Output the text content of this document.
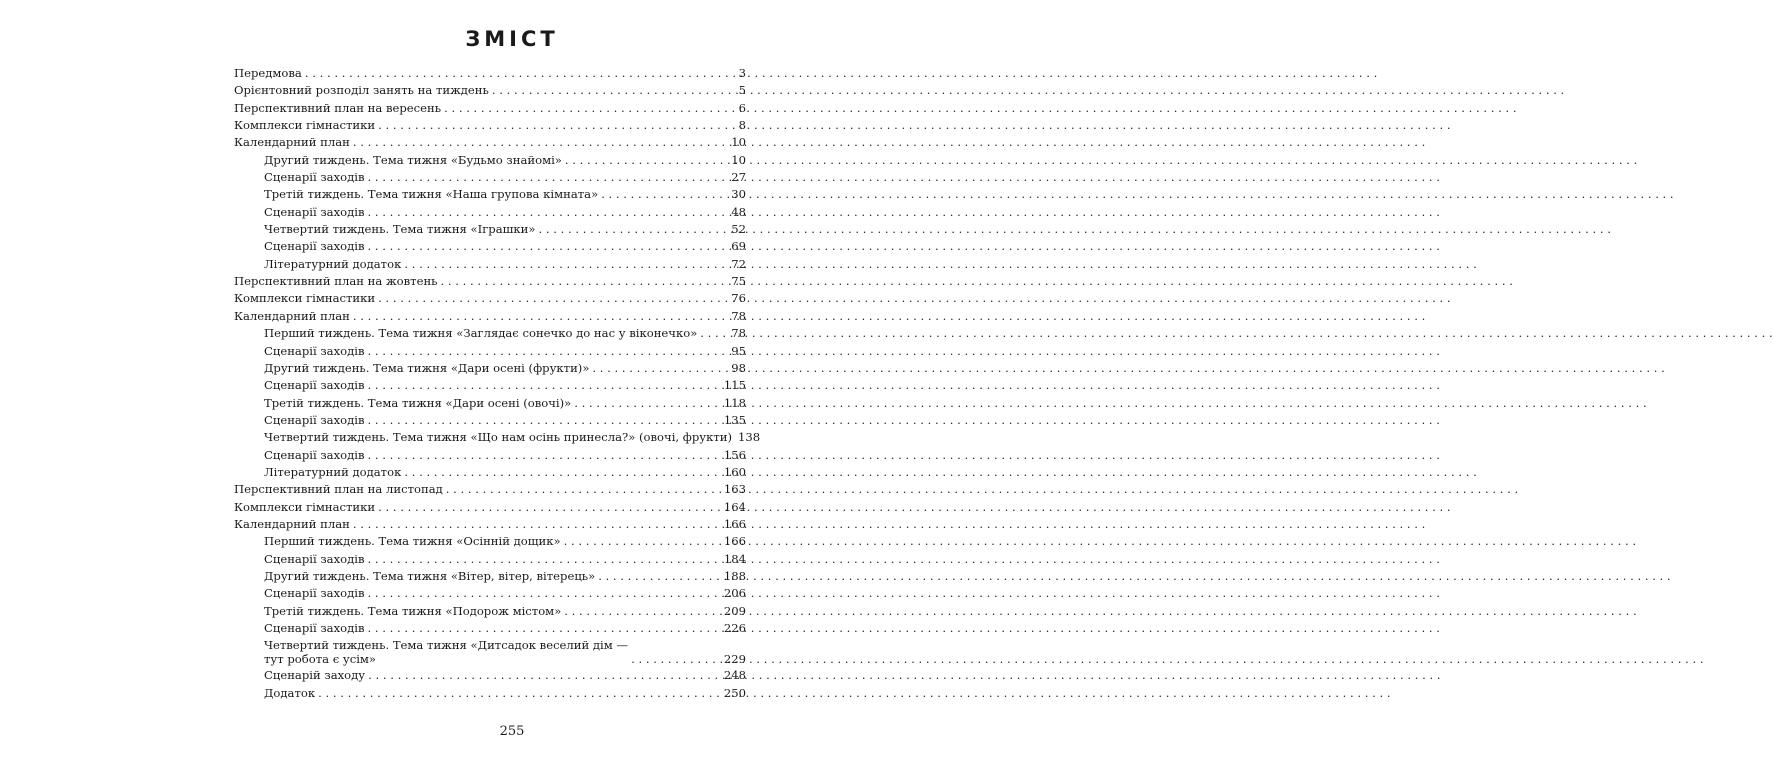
ЗМІСТ
Передмова . . .	3
Орієнтовний розподіл занять на тиждень . . .	5
Перспективний план на вересень . . .	6
Комплекси гімнастики . . .	8
Календарний план . . .	10
Другий тиждень. Тема тижня «Будьмо знайомі» . . .	10
Сценарії заходів . . .	27
Третій тиждень. Тема тижня «Наша групова кімната» . . .	30
Сценарії заходів . . .	48
Четвертий тиждень. Тема тижня «Іграшки» . . .	52
Сценарії заходів . . .	69
Літературний додаток . . .	72
Перспективний план на жовтень . . .	75
Комплекси гімнастики . . .	76
Календарний план . . .	78
Перший тиждень. Тема тижня «Заглядає сонечко до нас у віконечко» . . .	78
Сценарії заходів . . .	95
Другий тиждень. Тема тижня «Дари осені (фрукти)» . . .	98
Сценарії заходів . . .	115
Третій тиждень. Тема тижня «Дари осені (овочі)» . . .	118
Сценарії заходів . . .	135
Четвертий тиждень. Тема тижня «Що нам осінь принесла?» (овочі, фрукти) 138
Сценарії заходів . . .	156
Літературний додаток . . .	160
Перспективний план на листопад . . .	163
Комплекси гімнастики . . .	164
Календарний план . . .	166
Перший тиждень. Тема тижня «Осінній дощик» . . .	166
Сценарії заходів . . .	184
Другий тиждень. Тема тижня «Вітер, вітер, вітерець» . . .	188
Сценарії заходів . . .	206
Третій тиждень. Тема тижня «Подорож містом» . . .	209
Сценарії заходів . . .	226
Четвертий тиждень. Тема тижня «Дитсадок веселий дім —
тут робота є усім» . . .	229
Сценарій заходу . . .	248
Додаток . . .	250
255
